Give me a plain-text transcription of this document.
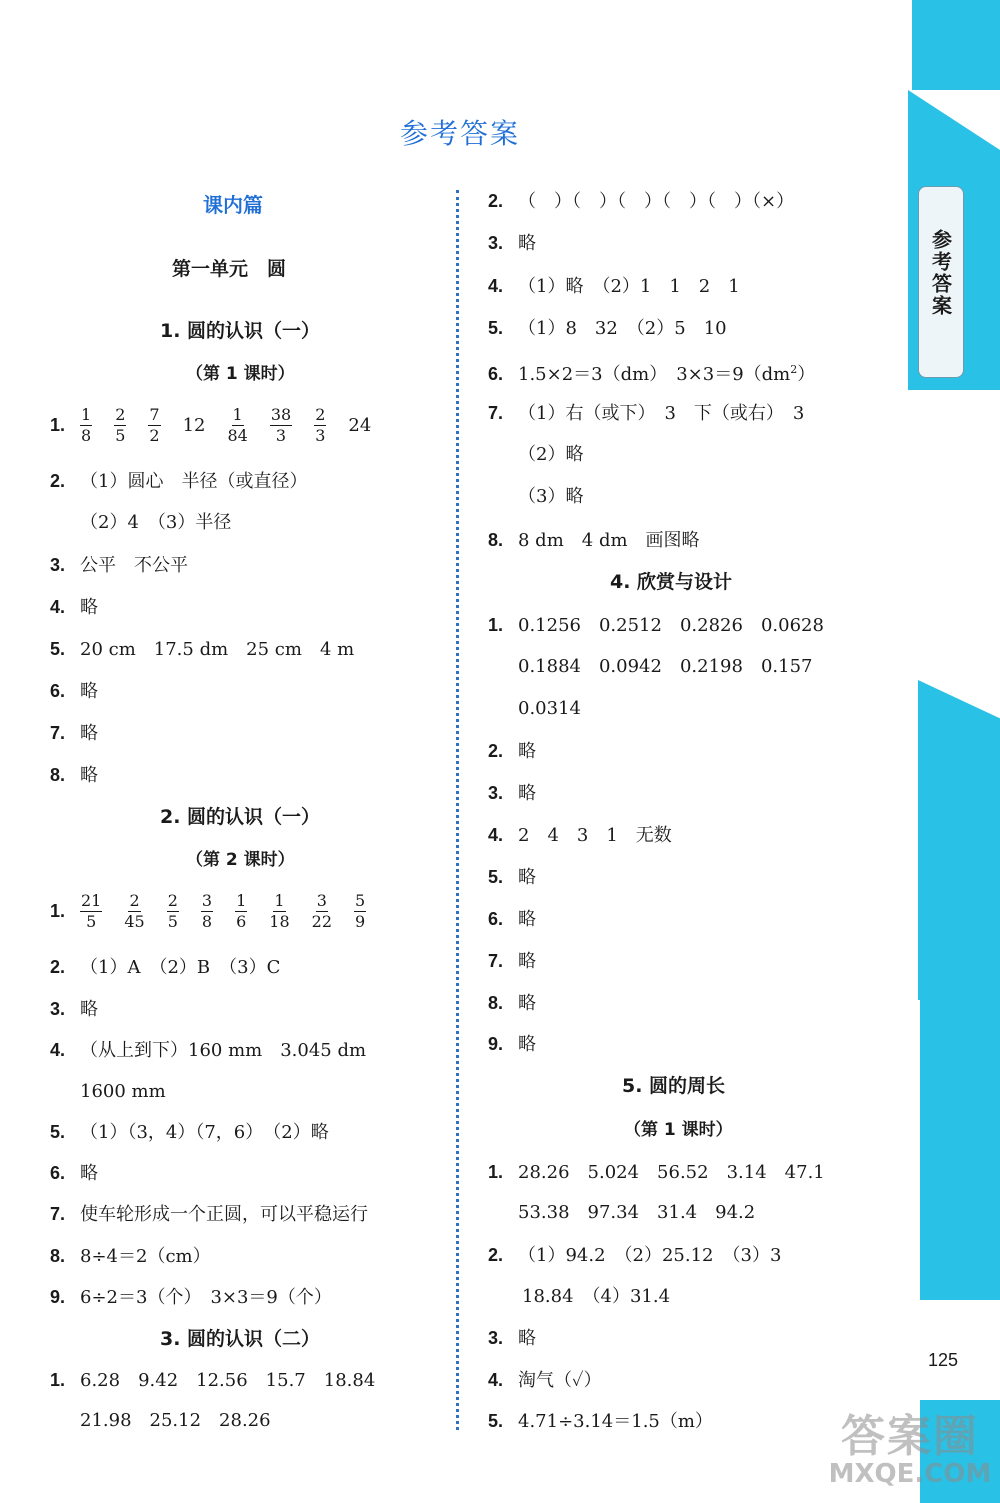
参考答案
参考答案
课内篇
第一单元　圆
1. 圆的认识（一）
（第 1 课时）
1. $\frac{1}{8} \frac{2}{5} \frac{7}{2} 12 \frac{1}{84} \frac{38}{3} \frac{2}{3} 24$
2. （1）圆心　半径（或直径）
（2）4　（3）半径
3. 公平　不公平
4. 略
5. 20 cm　17.5 dm　25 cm　4 m
6. 略
7. 略
8. 略
2. 圆的认识（一）
（第 2 课时）
1. $\frac{21}{5} \frac{2}{45} \frac{2}{5} \frac{3}{8} \frac{1}{6} \frac{1}{18} \frac{3}{22} \frac{5}{9}$
2. （1）A　（2）B　（3）C
3. 略
4. （从上到下）160 mm　3.045 dm
1600 mm
5. （1）（3，4）（7，6）　（2）略
6. 略
7. 使车轮形成一个正圆，可以平稳运行
8. 8÷4＝2（cm）
9. 6÷2＝3（个）　3×3＝9（个）
3. 圆的认识（二）
1. 6.28　9.42　12.56　15.7　18.84
21.98　25.12　28.26
2. （　）（　）（　）（　）（　）（×）
3. 略
4. （1）略　（2）1　1　2　1
5. （1）8　32　（2）5　10
6. 1.5×2＝3（dm）　$3\times 3=9(dm^2)$
7. （1）右（或下）　3　下（或右）　3
（2）略
（3）略
8. 8 dm　4 dm　画图略
4. 欣赏与设计
1. 0.1256　0.2512　0.2826　0.0628
0.1884　0.0942　0.2198　0.157
0.0314
2. 略
3. 略
4. 2　4　3　1　无数
5. 略
6. 略
7. 略
8. 略
9. 略
5. 圆的周长
（第 1 课时）
1. 28.26　5.024　56.52　3.14　47.1
53.38　97.34　31.4　94.2
2. （1）94.2　（2）25.12　（3）3
18.84　（4）31.4
3. 略
4. 淘气（✓）
5. 4.71÷3.14＝1.5（m）
125
答案圈
MXQE.COM
